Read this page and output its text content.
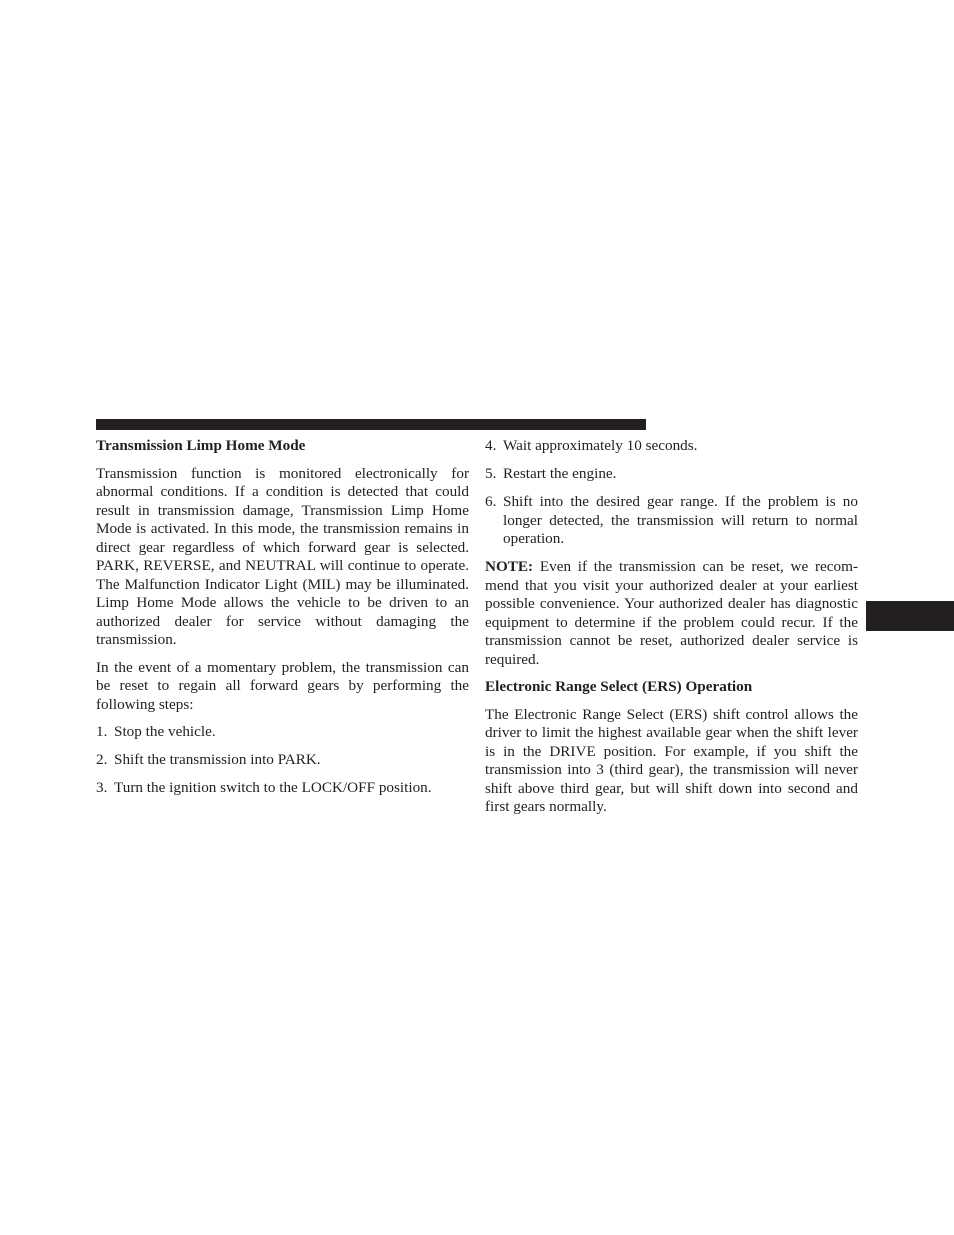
Transmission Limp Home Mode

Transmission function is monitored electronically for abnormal conditions. If a condition is detected that could result in transmission damage, Transmission Limp Home Mode is activated. In this mode, the transmission remains in direct gear regardless of which forward gear is selected. PARK, REVERSE, and NEUTRAL will continue to operate. The Malfunction Indicator Light (MIL) may be illuminated. Limp Home Mode allows the vehicle to be driven to an authorized dealer for service without damaging the transmission.

In the event of a momentary problem, the transmission can be reset to regain all forward gears by performing the following steps:

1. Stop the vehicle.
2. Shift the transmission into PARK.
3. Turn the ignition switch to the LOCK/OFF position.
4. Wait approximately 10 seconds.
5. Restart the engine.
6. Shift into the desired gear range. If the problem is no longer detected, the transmission will return to normal operation.

NOTE: Even if the transmission can be reset, we recommend that you visit your authorized dealer at your earliest possible convenience. Your authorized dealer has diagnostic equipment to determine if the problem could recur. If the transmission cannot be reset, authorized dealer service is required.

Electronic Range Select (ERS) Operation

The Electronic Range Select (ERS) shift control allows the driver to limit the highest available gear when the shift lever is in the DRIVE position. For example, if you shift the transmission into 3 (third gear), the transmission will never shift above third gear, but will shift down into second and first gears normally.
